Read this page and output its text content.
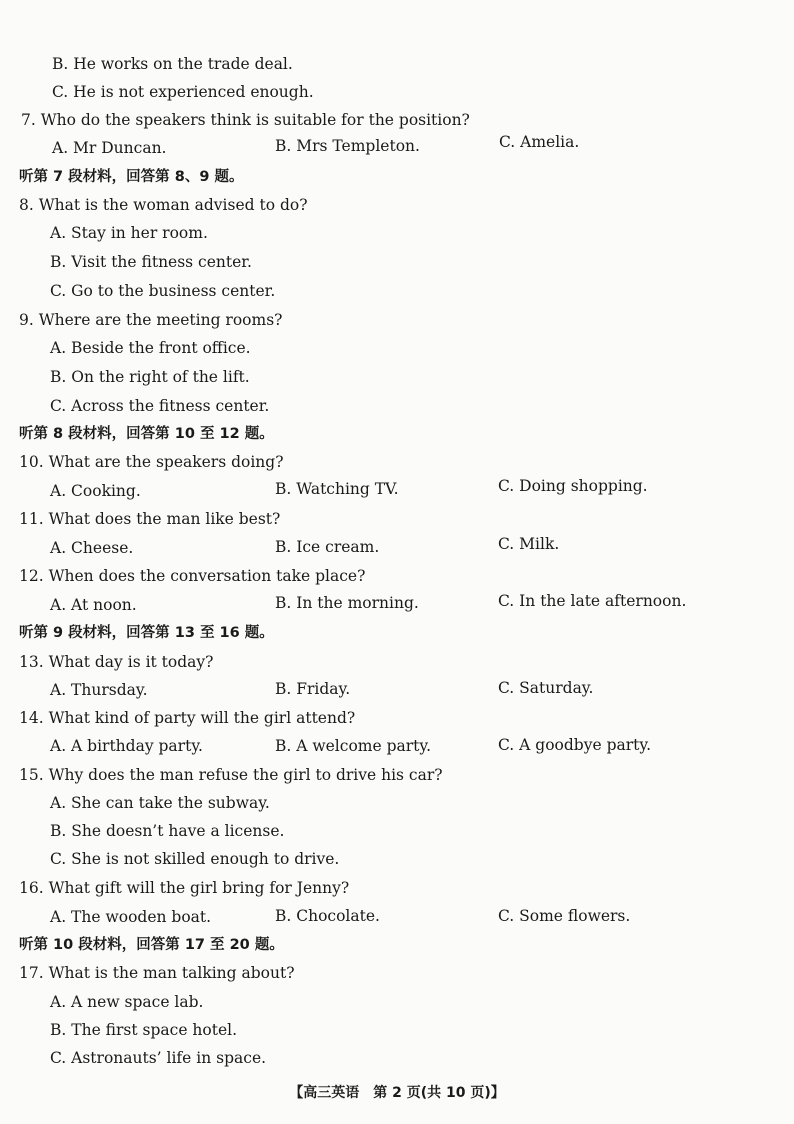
B. He works on the trade deal.
C. He is not experienced enough.
7. Who do the speakers think is suitable for the position?
A. Mr Duncan.	B. Mrs Templeton.	C. Amelia.
听第 7 段材料，回答第 8、9 题。
8. What is the woman advised to do?
A. Stay in her room.
B. Visit the fitness center.
C. Go to the business center.
9. Where are the meeting rooms?
A. Beside the front office.
B. On the right of the lift.
C. Across the fitness center.
听第 8 段材料，回答第 10 至 12 题。
10. What are the speakers doing?
A. Cooking.	B. Watching TV.	C. Doing shopping.
11. What does the man like best?
A. Cheese.	B. Ice cream.	C. Milk.
12. When does the conversation take place?
A. At noon.	B. In the morning.	C. In the late afternoon.
听第 9 段材料，回答第 13 至 16 题。
13. What day is it today?
A. Thursday.	B. Friday.	C. Saturday.
14. What kind of party will the girl attend?
A. A birthday party.	B. A welcome party.	C. A goodbye party.
15. Why does the man refuse the girl to drive his car?
A. She can take the subway.
B. She doesn’t have a license.
C. She is not skilled enough to drive.
16. What gift will the girl bring for Jenny?
A. The wooden boat.	B. Chocolate.	C. Some flowers.
听第 10 段材料，回答第 17 至 20 题。
17. What is the man talking about?
A. A new space lab.
B. The first space hotel.
C. Astronauts’ life in space.
【高三英语　第 2 页(共 10 页)】
